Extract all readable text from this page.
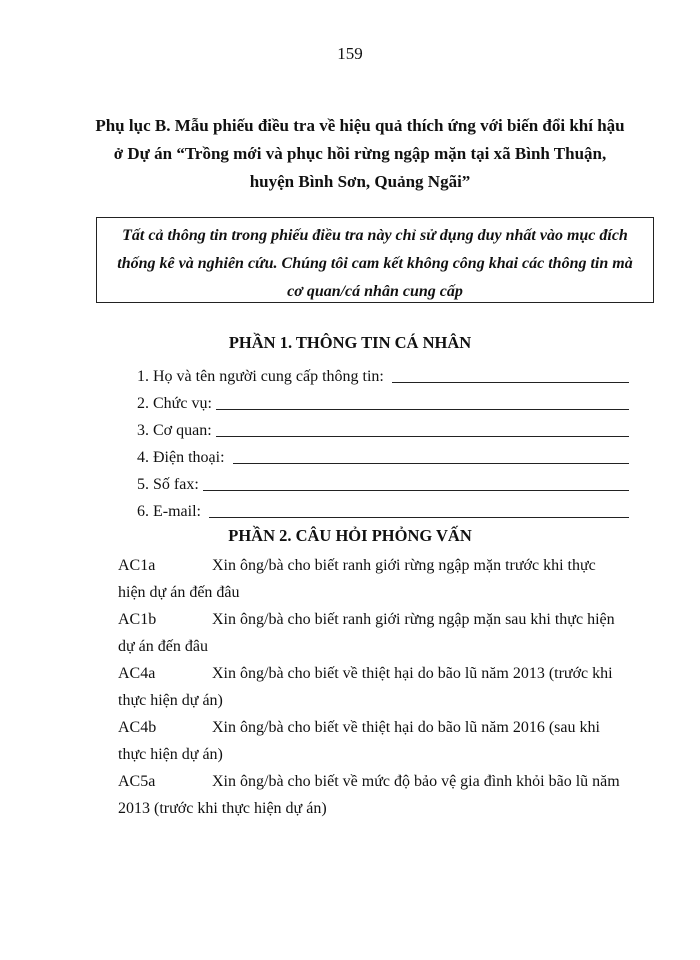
159
Phụ lục B. Mẫu phiếu điều tra về hiệu quả thích ứng với biến đổi khí hậu
ở Dự án “Trồng mới và phục hồi rừng ngập mặn tại xã Bình Thuận,
huyện Bình Sơn, Quảng Ngãi”
Tất cả thông tin trong phiếu điều tra này chỉ sử dụng duy nhất vào mục đích
thống kê và nghiên cứu. Chúng tôi cam kết không công khai các thông tin mà
cơ quan/cá nhân cung cấp
PHẦN 1. THÔNG TIN CÁ NHÂN
1. Họ và tên người cung cấp thông tin:
2. Chức vụ:
3. Cơ quan:
4. Điện thoại:
5. Số fax:
6. E-mail:
PHẦN 2. CÂU HỎI PHỎNG VẤN
AC1a	Xin ông/bà cho biết ranh giới rừng ngập mặn trước khi thực
hiện dự án đến đâu
AC1b	Xin ông/bà cho biết ranh giới rừng ngập mặn sau khi thực hiện
dự án đến đâu
AC4a	Xin ông/bà cho biết về thiệt hại do bão lũ năm 2013 (trước khi
thực hiện dự án)
AC4b	Xin ông/bà cho biết về thiệt hại do bão lũ năm 2016 (sau khi
thực hiện dự án)
AC5a	Xin ông/bà cho biết về mức độ bảo vệ gia đình khỏi bão lũ năm
2013 (trước khi thực hiện dự án)
